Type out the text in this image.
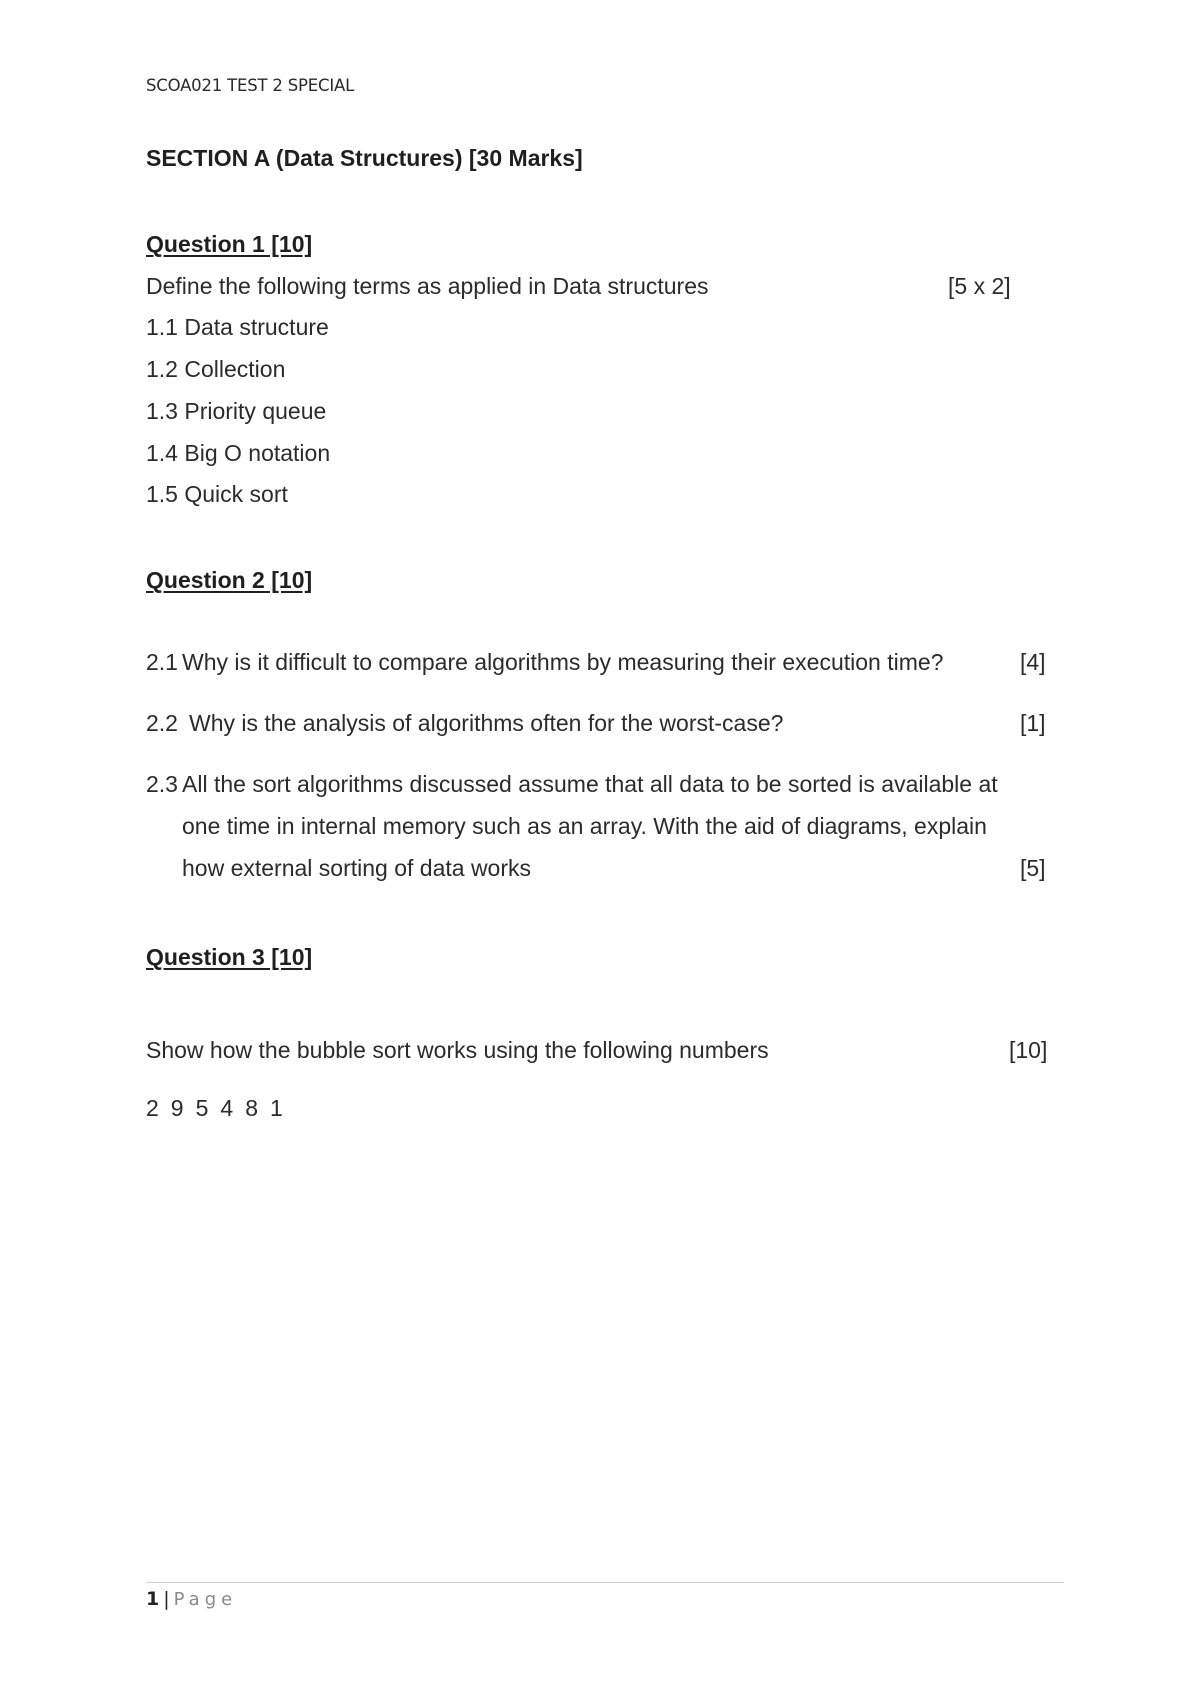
SCOA021 TEST 2 SPECIAL
SECTION A (Data Structures) [30 Marks]
Question 1 [10]
Define the following terms as applied in Data structures	[5 x 2]
1.1 Data structure
1.2 Collection
1.3 Priority queue
1.4 Big O notation
1.5 Quick sort
Question 2 [10]
2.1 Why is it difficult to compare algorithms by measuring their execution time?	[4]
2.2 Why is the analysis of algorithms often for the worst-case?	[1]
2.3 All the sort algorithms discussed assume that all data to be sorted is available at
one time in internal memory such as an array. With the aid of diagrams, explain
how external sorting of data works	[5]
Question 3 [10]
Show how the bubble sort works using the following numbers	[10]
2 9 5 4 8 1
1 | Page
